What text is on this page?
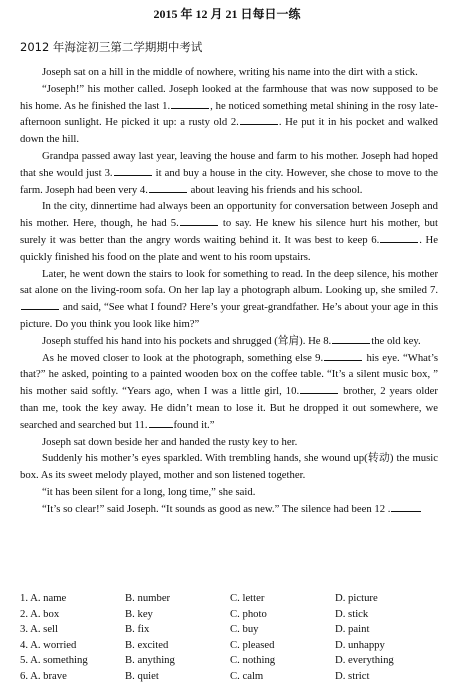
2015 年 12 月 21 日每日一练
2012 年海淀初三第二学期期中考试

Joseph sat on a hill in the middle of nowhere, writing his name into the dirt with a stick.

“Joseph!” his mother called. Joseph looked at the farmhouse that was now supposed to be his home. As he finished the last 1.	, he noticed something metal shining in the rosy late-afternoon sunlight. He picked it up: a rusty old 2.	. He put it in his pocket and walked down the hill.

Grandpa passed away last year, leaving the house and farm to his mother. Joseph had hoped that she would just 3.	it and buy a house in the city. However, she chose to move to the farm. Joseph had been very 4.	about leaving his friends and his school.

In the city, dinnertime had always been an opportunity for conversation between Joseph and his mother. Here, though, he had 5.	to say. He knew his silence hurt his mother, but surely it was better than the angry words waiting behind it. It was best to keep 6.	. He quickly finished his food on the plate and went to his room upstairs.

Later, he went down the stairs to look for something to read. In the deep silence, his mother sat alone on the living-room sofa. On her lap lay a photograph album. Looking up, she smiled 7. and said, “See what I found? Here’s your great-grandfather. He’s about your age in this picture. Do you think you look like him?”

Joseph stuffed his hand into his pockets and shrugged (耸肩). He 8.	the old key.

As he moved closer to look at the photograph, something else 9.	his eye. “What’s that?” he asked, pointing to a painted wooden box on the coffee table. “It’s a silent music box, ” his mother said softly. “Years ago, when I was a little girl, 10.	brother, 2 years older than me, took the key away. He didn’t mean to lose it. But he dropped it out somewhere, we searched and searched but 11. found it.”

Joseph sat down beside her and handed the rusty key to her.

Suddenly his mother’s eyes sparkled. With trembling hands, she wound up(转动) the music box. As its sweet melody played, mother and son listened together.

“it has been silent for a long, long time,” she said.

“It’s so clear!” said Joseph. “It sounds as good as new.” The silence had been 12 .

1. A. name	B. number	C. letter	D. picture
2. A. box	B. key	C. photo	D. stick
3. A. sell	B. fix	C. buy	D. paint
4. A. worried	B. excited	C. pleased	D. unhappy
5. A. something	B. anything	C. nothing	D. everything
6. A. brave	B. quiet	C. calm	D. strict
